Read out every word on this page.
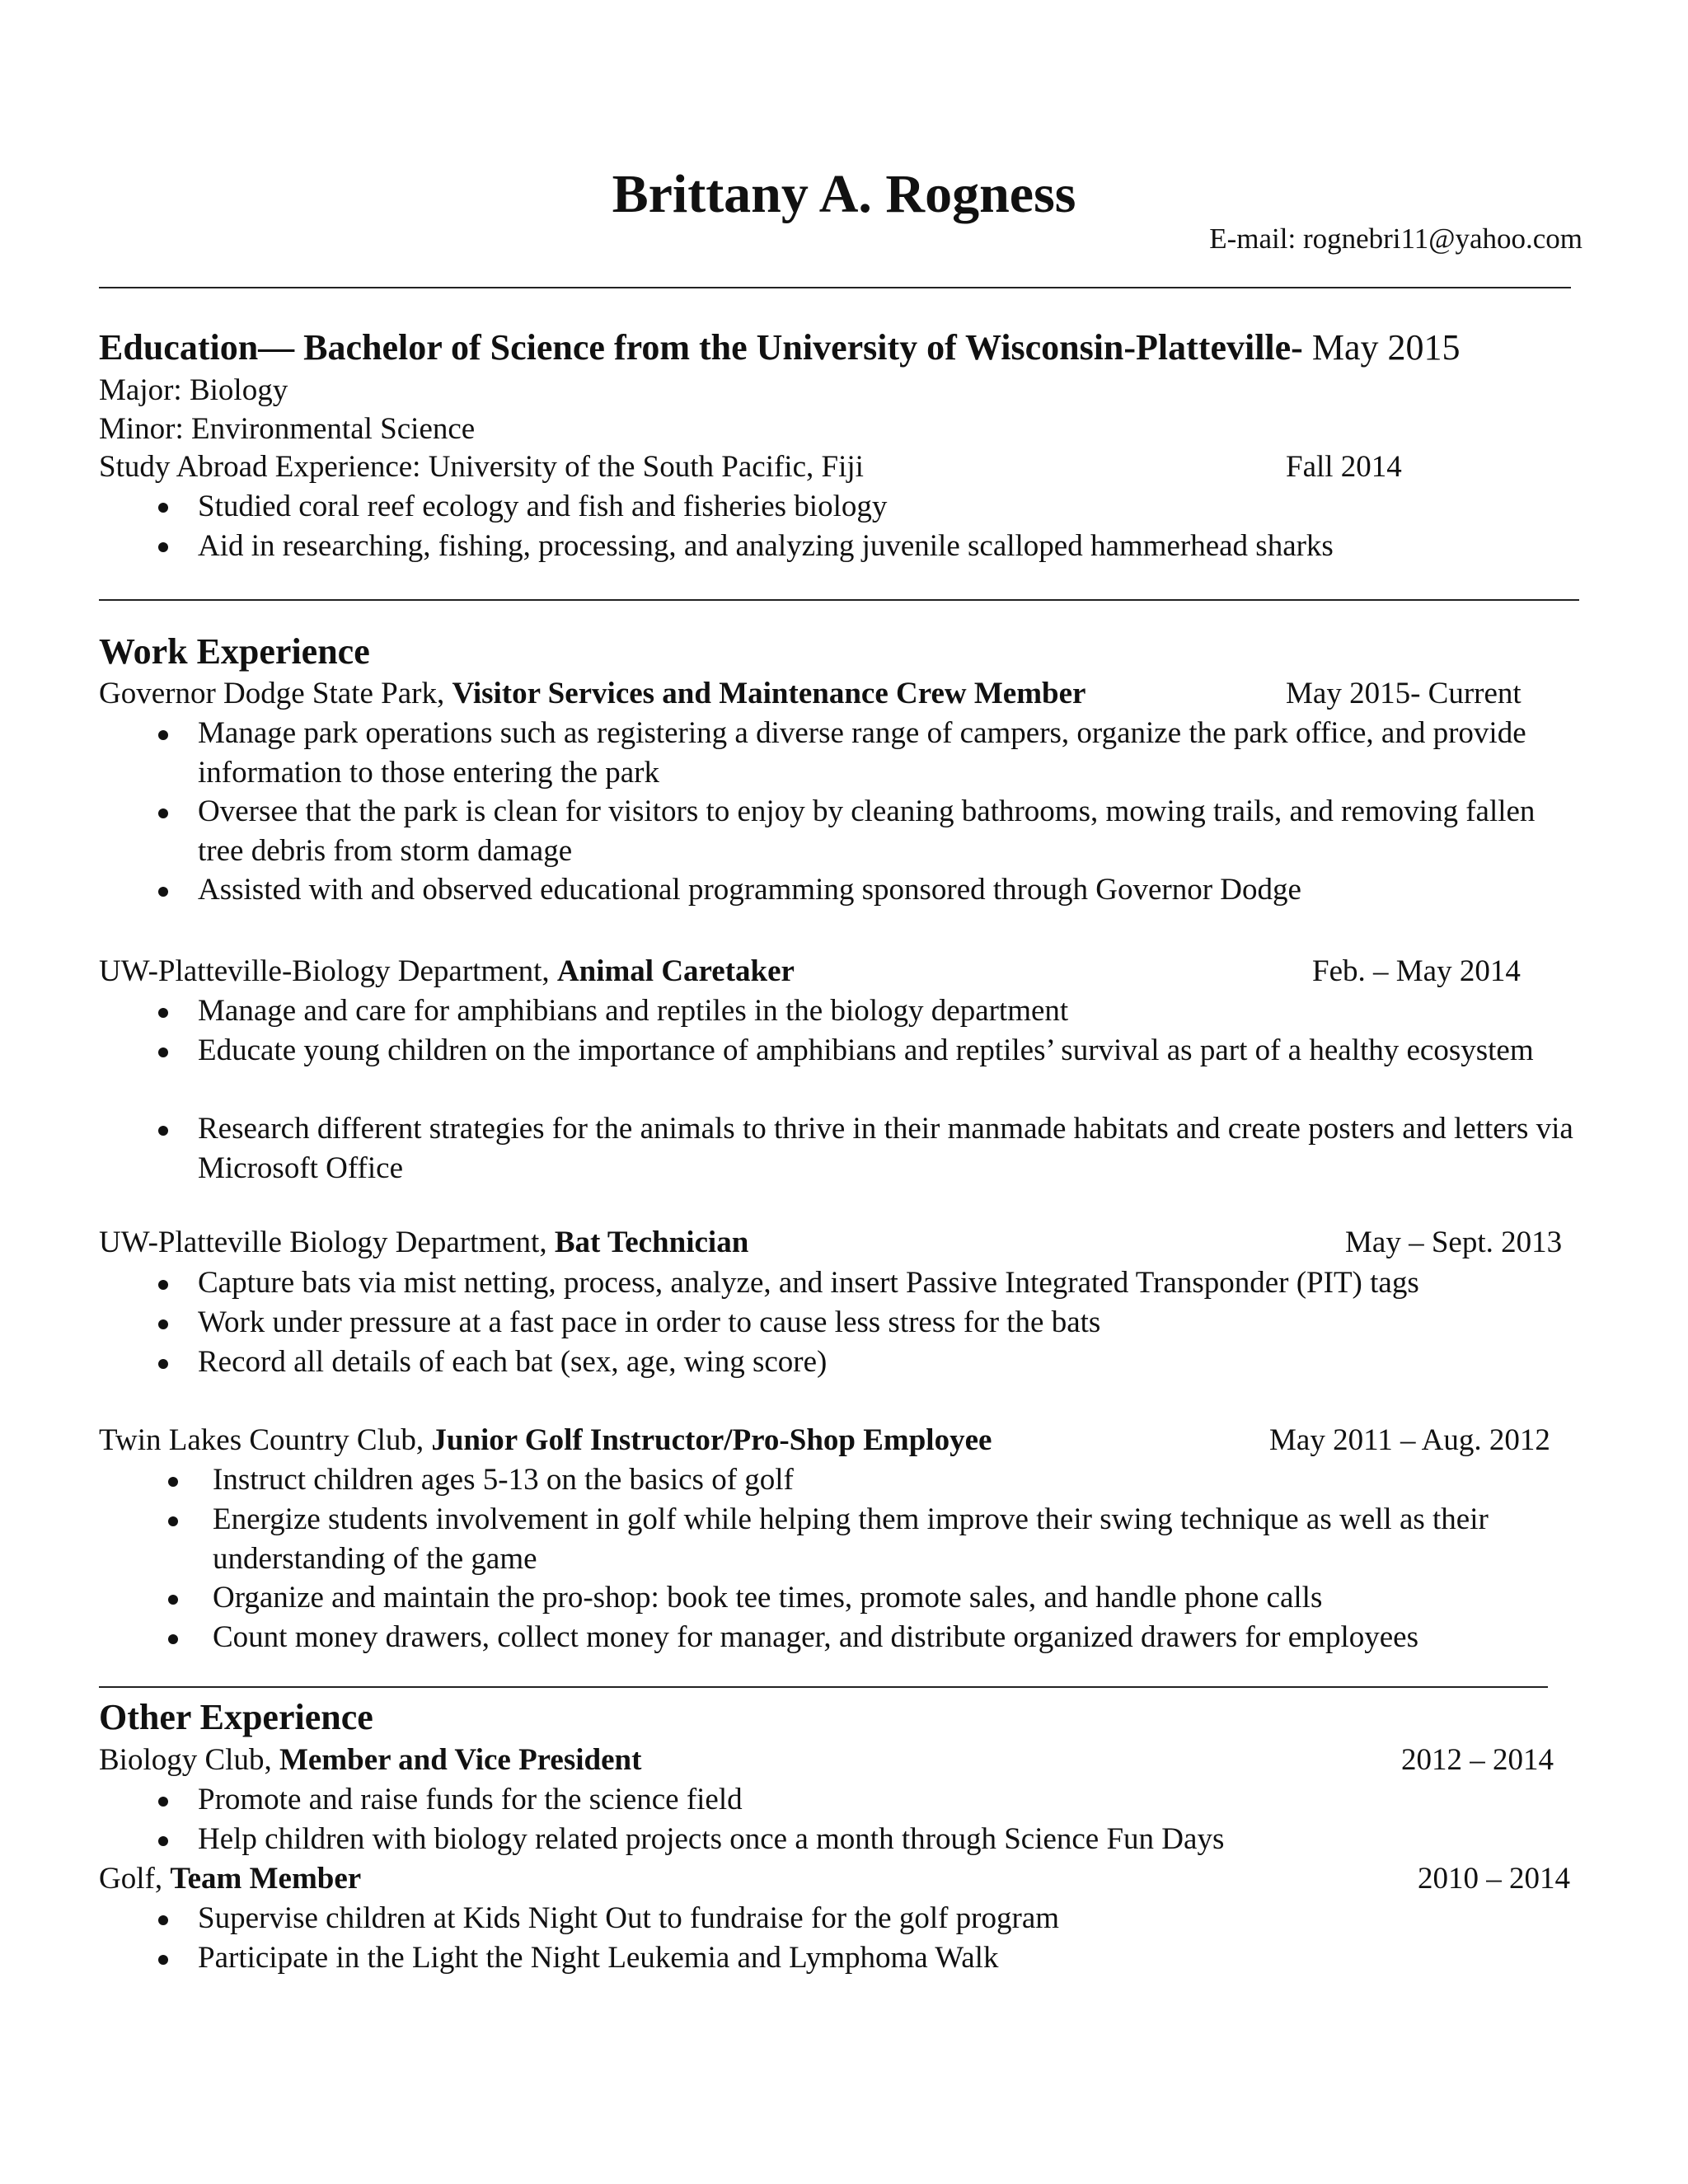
Brittany A. Rogness
E-mail: rognebri11@yahoo.com
Education— Bachelor of Science from the University of Wisconsin-Platteville- May 2015
Major: Biology
Minor: Environmental Science
Study Abroad Experience: University of the South Pacific, Fiji	Fall 2014
Studied coral reef ecology and fish and fisheries biology
Aid in researching, fishing, processing, and analyzing juvenile scalloped hammerhead sharks
Work Experience
Governor Dodge State Park, Visitor Services and Maintenance Crew Member	May 2015- Current
Manage park operations such as registering a diverse range of campers, organize the park office, and provide information to those entering the park
Oversee that the park is clean for visitors to enjoy by cleaning bathrooms, mowing trails, and removing fallen tree debris from storm damage
Assisted with and observed educational programming sponsored through Governor Dodge
UW-Platteville-Biology Department, Animal Caretaker	Feb. – May 2014
Manage and care for amphibians and reptiles in the biology department
Educate young children on the importance of amphibians and reptiles’ survival as part of a healthy ecosystem
Research different strategies for the animals to thrive in their manmade habitats and create posters and letters via Microsoft Office
UW-Platteville Biology Department, Bat Technician	May – Sept. 2013
Capture bats via mist netting, process, analyze, and insert Passive Integrated Transponder (PIT) tags
Work under pressure at a fast pace in order to cause less stress for the bats
Record all details of each bat (sex, age, wing score)
Twin Lakes Country Club, Junior Golf Instructor/Pro-Shop Employee	May 2011 – Aug. 2012
Instruct children ages 5-13 on the basics of golf
Energize students involvement in golf while helping them improve their swing technique as well as their understanding of the game
Organize and maintain the pro-shop: book tee times, promote sales, and handle phone calls
Count money drawers, collect money for manager, and distribute organized drawers for employees
Other Experience
Biology Club, Member and Vice President	2012 – 2014
Promote and raise funds for the science field
Help children with biology related projects once a month through Science Fun Days
Golf, Team Member	2010 – 2014
Supervise children at Kids Night Out to fundraise for the golf program
Participate in the Light the Night Leukemia and Lymphoma Walk
